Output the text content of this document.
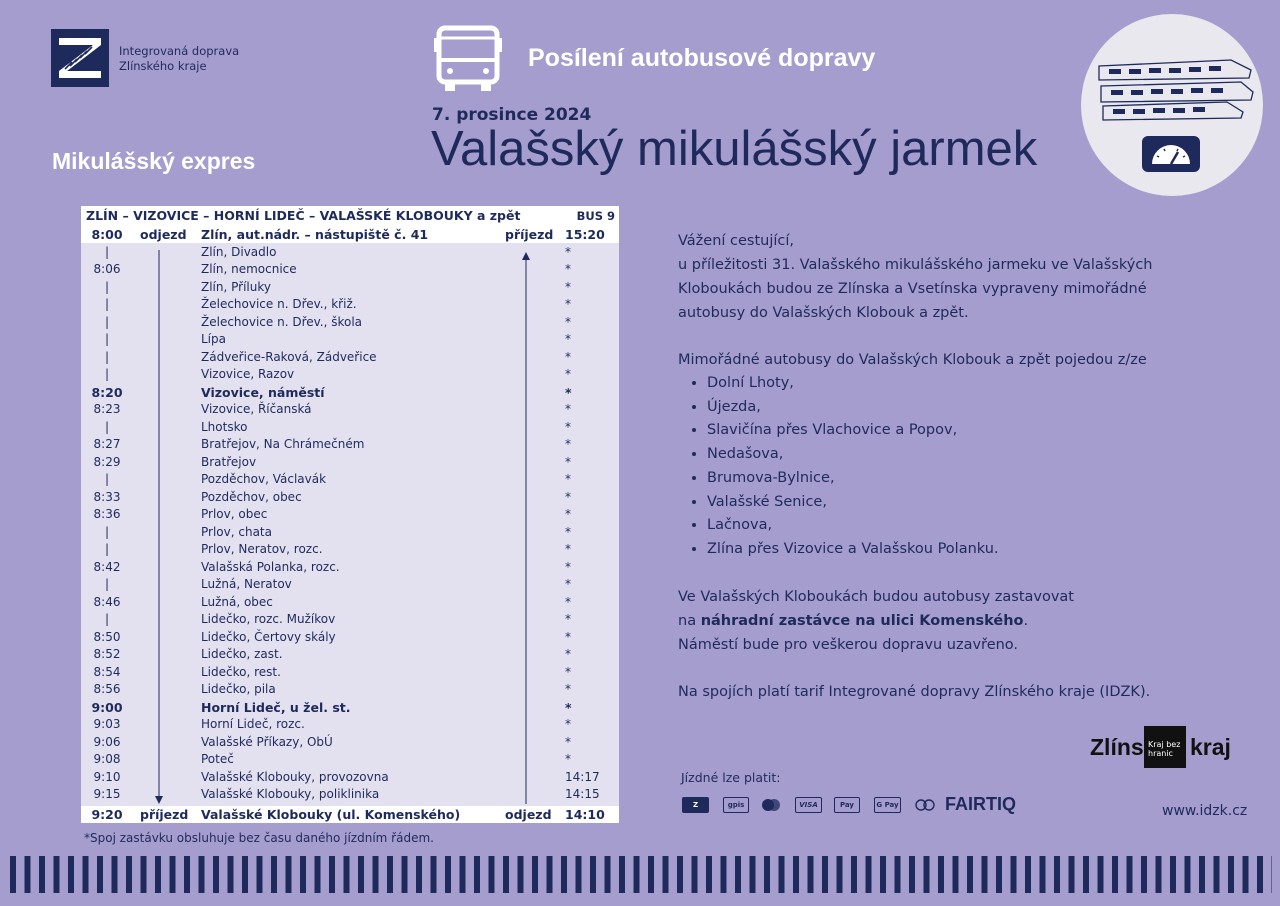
Integrovaná doprava
Zlínského kraje	Posílení autobusové dopravy
7. prosince 2024
Valašský mikulášský jarmek
Mikulášský expres
ZLÍN – VIZOVICE – HORNÍ LIDEČ – VALAŠSKÉ KLOBOUKY a zpět	BUS 9
8:00	odjezd Zlín, aut.nádr. – nástupiště č. 41	příjezd 15:20
|	Zlín, Divadlo	*
8:06	Zlín, nemocnice	*
|	Zlín, Příluky	*
|	Želechovice n. Dřev., křiž.	*
|	Želechovice n. Dřev., škola	*
|	Lípa	*
|	Zádveřice-Raková, Zádveřice	*
|	Vizovice, Razov	*
8:20	Vizovice, náměstí	*
8:23	Vizovice, Říčanská	*
|	Lhotsko	*
8:27	Bratřejov, Na Chrámečném	*
8:29	Bratřejov	*
|	Pozděchov, Václavák	*
8:33	Pozděchov, obec	*
8:36	Prlov, obec	*
|	Prlov, chata	*
|	Prlov, Neratov, rozc.	*
8:42	Valašská Polanka, rozc.	*
|	Lužná, Neratov	*
8:46	Lužná, obec	*
|	Lidečko, rozc. Mužíkov	*
8:50	Lidečko, Čertovy skály	*
8:52	Lidečko, zast.	*
8:54	Lidečko, rest.	*
8:56	Lidečko, pila	*
9:00	Horní Lideč, u žel. st.	*
9:03	Horní Lideč, rozc.	*
9:06	Valašské Příkazy, ObÚ	*
9:08	Poteč	*
9:10	Valašské Klobouky, provozovna	14:17
9:15	Valašské Klobouky, poliklinika	14:15
9:20	příjezd Valašské Klobouky (ul. Komenského)	odjezd 14:10
*Spoj zastávku obsluhuje bez času daného jízdním řádem.

Vážení cestující,

u příležitosti 31. Valašského mikulášského jarmeku ve Valašských Kloboukách budou ze Zlínska a Vsetínska vypraveny mimořádné autobusy do Valašských Klobouk a zpět.

Mimořádné autobusy do Valašských Klobouk a zpět pojedou z/ze

• Dolní Lhoty,
• Újezda,
• Slavičína přes Vlachovice a Popov,
• Nedašova,
• Brumova-Bylnice,
• Valašské Senice,
• Lačnova,
• Zlína přes Vizovice a Valašskou Polanku.

Ve Valašských Kloboukách budou autobusy zastavovat

na náhradní zastávce na ulici Komenského.

Náměstí bude pro veškerou dopravu uzavřeno.

Na spojích platí tarif Integrované dopravy Zlínského kraje (IDZK).

Zlíns Kraj bez hranic kraj
Jízdné lze platit:
Z	gpis	VISA	Pay	G Pay	FAIRTIQ	www.idzk.cz
